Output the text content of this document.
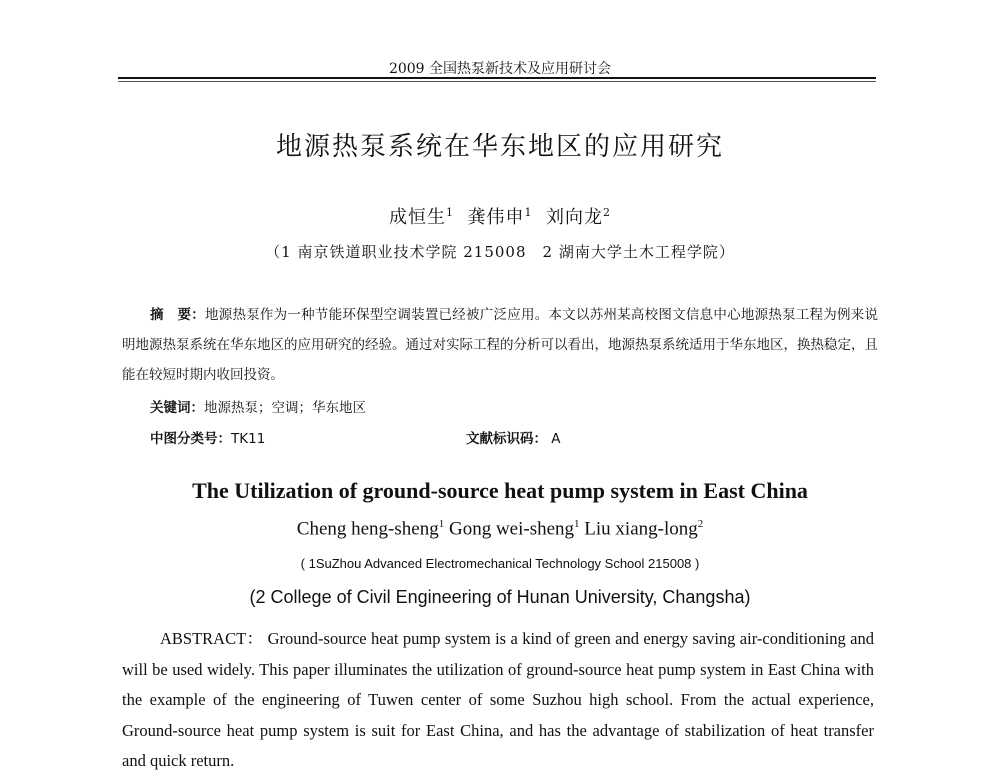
2009 全国热泵新技术及应用研讨会
地源热泵系统在华东地区的应用研究
成恒生$^1$ 龚伟申$^1$ 刘向龙$^2$
（1 南京铁道职业技术学院 215008　2 湖南大学土木工程学院）
摘　要：地源热泵作为一种节能环保型空调装置已经被广泛应用。本文以苏州某高校图文信息中心地源热泵工程为例来说明地源热泵系统在华东地区的应用研究的经验。通过对实际工程的分析可以看出，地源热泵系统适用于华东地区，换热稳定，且能在较短时期内收回投资。
关键词：地源热泵；空调；华东地区
中图分类号：TK11	文献标识码： A
The Utilization of ground-source heat pump system in East China
Cheng heng-sheng$^1$ Gong wei-sheng$^1$ Liu xiang-long$^2$
( 1SuZhou Advanced Electromechanical Technology School 215008 )
(2 College of Civil Engineering of Hunan University, Changsha)
ABSTRACT： Ground-source heat pump system is a kind of green and energy saving air-conditioning and will be used widely. This paper illuminates the utilization of ground-source heat pump system in East China with the example of the engineering of Tuwen center of some Suzhou high school. From the actual experience, Ground-source heat pump system is suit for East China, and has the advantage of stabilization of heat transfer and quick return.
